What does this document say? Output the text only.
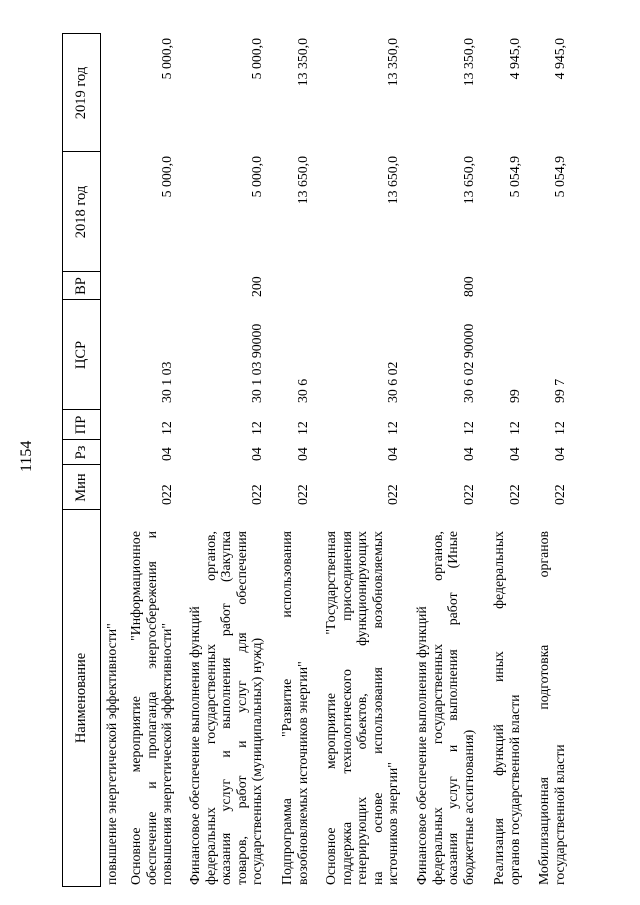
1154
Наименование
Мин
Рз
ПР
ЦСР
ВР
2018 год
2019 год
повышение энергетической эффективности" Основное мероприятие "Информационное обеспечение и пропаганда энергосбережения и повышения энергетической эффективности"
022
04
12
30 1 03
5 000,0
5 000,0
Финансовое обеспечение выполнения функций федеральных государственных органов, оказания услуг и выполнения работ (Закупка товаров, работ и услуг для обеспечения государственных (муниципальных) нужд)
022
04
12
30 1 03 90000
200
5 000,0
5 000,0
Подпрограмма "Развитие использования возобновляемых источников энергии"
022
04
12
30 6
13 650,0
13 350,0
Основное мероприятие "Государственная поддержка технологического присоединения генерирующих объектов, функционирующих на основе использования возобновляемых источников энергии"
022
04
12
30 6 02
13 650,0
13 350,0
Финансовое обеспечение выполнения функций федеральных государственных органов, оказания услуг и выполнения работ (Иные бюджетные ассигнования)
022
04
12
30 6 02 90000
800
13 650,0
13 350,0
Реализация функций иных федеральных органов государственной власти
022
04
12
99
5 054,9
4 945,0
Мобилизационная подготовка органов государственной власти
022
04
12
99 7
5 054,9
4 945,0
